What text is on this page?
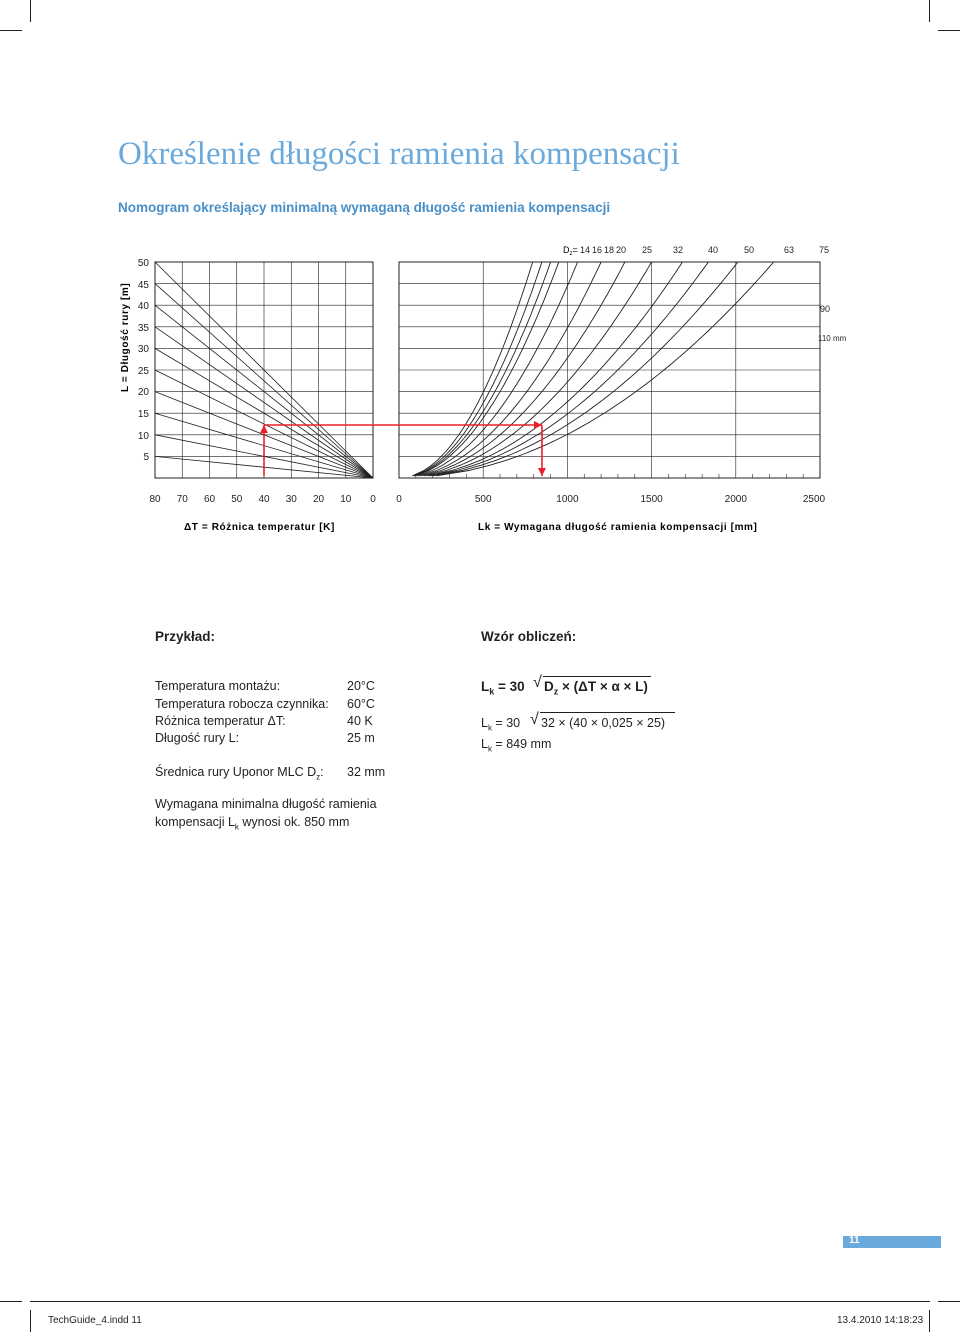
Określenie długości ramienia kompensacji
Nomogram określający minimalną wymaganą długość ramienia kompensacji
50
45
40
35
30
25
20
15
10
5
80 70 60 50 40 30 20 10 0 0	500	1000	1500	2000	2500
L = Długość rury [m]
ΔT = Różnica temperatur [K]	Lk = Wymagana długość ramienia kompensacji [mm]
$D_z= 14$ 16 18 20 25 32	40	50	63	75
90
110 mm
Przykład:	Wzór obliczeń:
Temperatura montażu:	20°C
Temperatura robocza czynnika: 60°C
Różnica temperatur ΔT:	40 K
Długość rury L:	25 m
Średnica rury Uponor MLC $D_z$: 32 mm
Wymagana minimalna długość ramienia
kompensacji $L_k$ wynosi ok. 850 mm
$L_k = 30$ √ $D_z \times (\Delta T \times \alpha \times L)$
$L_k = 30$ √ 32 × (40 × 0,025 × 25)
$L_k = 849$ mm
11
TechGuide_4.indd 11	13.4.2010 14:18:23
